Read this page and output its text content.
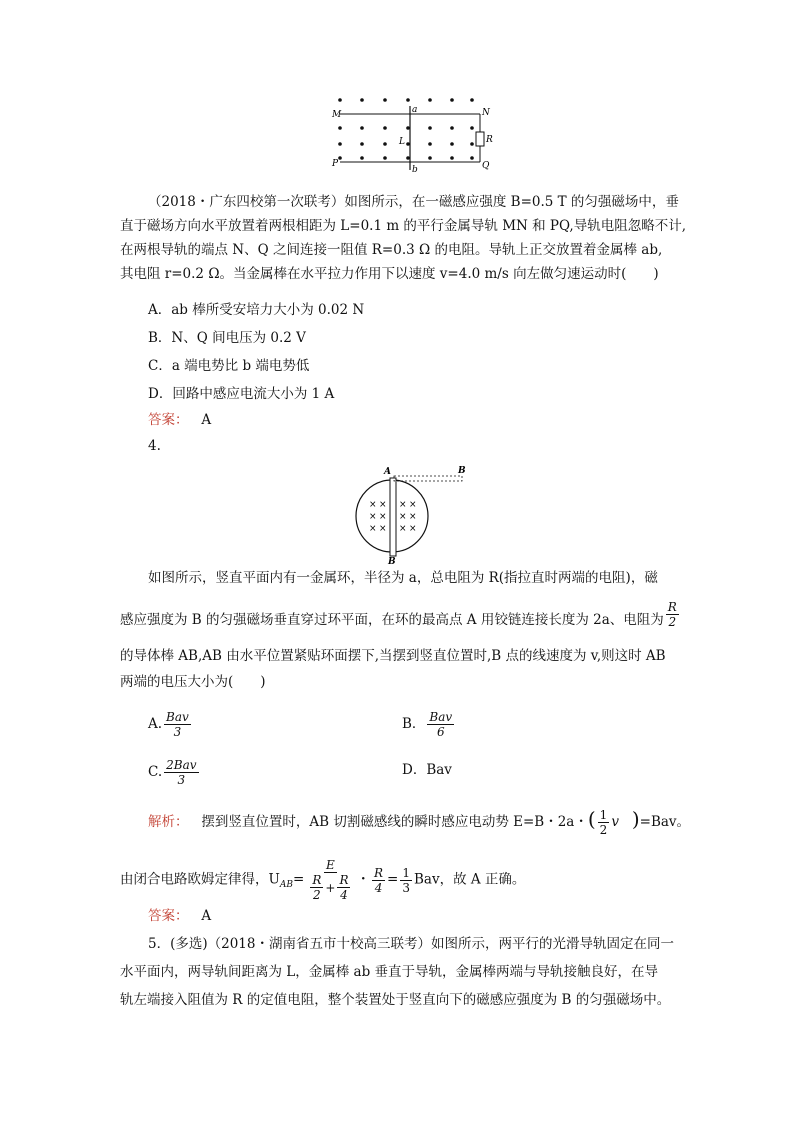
M	N
P	Q
a
b
L	R
（2018・广东四校第一次联考）如图所示，在一磁感应强度 B=0.5 T 的匀强磁场中，垂
直于磁场方向水平放置着两根相距为 L=0.1 m 的平行金属导轨 MN 和 PQ,导轨电阻忽略不计,
在两根导轨的端点 N、Q 之间连接一阻值 R=0.3 Ω 的电阻。导轨上正交放置着金属棒 ab,
其电阻 r=0.2 Ω。当金属棒在水平拉力作用下以速度 v=4.0 m/s 向左做匀速运动时(　　)
A．ab 棒所受安培力大小为 0.02 N
B．N、Q 间电压为 0.2 V
C．a 端电势比 b 端电势低
D．回路中感应电流大小为 1 A
答案： A
4.
× × × ×
× × × ×
× × × ×
A	B
B
如图所示，竖直平面内有一金属环，半径为 a，总电阻为 R(指拉直时两端的电阻)，磁
感应强度为 B 的匀强磁场垂直穿过环平面，在环的最高点 A 用铰链连接长度为 2a、电阻为 $\frac{R}{2}$
的导体棒 AB,AB 由水平位置紧贴环面摆下,当摆到竖直位置时,B 点的线速度为 v,则这时 AB
两端的电压大小为(　　)
A. $\frac{\text{Bav}}{3}$	B． $\frac{\text{Bav}}{6}$
C. $\frac{\text{2Bav}}{3}$	D．Bav
解析： 摆到竖直位置时，AB 切割磁感线的瞬时感应电动势 E=B・2a・( $\frac{1}{2}$ v )=Bav。
由闭合电路欧姆定律得，$U_{AB}= \frac{E}{\frac{R}{2} + \frac{R}{4}}$ ・ $\frac{R}{4} = \frac{1}{3}$ Bav，故 A 正确。
答案： A
5．(多选)（2018・湖南省五市十校高三联考）如图所示，两平行的光滑导轨固定在同一
水平面内，两导轨间距离为 L，金属棒 ab 垂直于导轨，金属棒两端与导轨接触良好，在导
轨左端接入阻值为 R 的定值电阻，整个装置处于竖直向下的磁感应强度为 B 的匀强磁场中。
